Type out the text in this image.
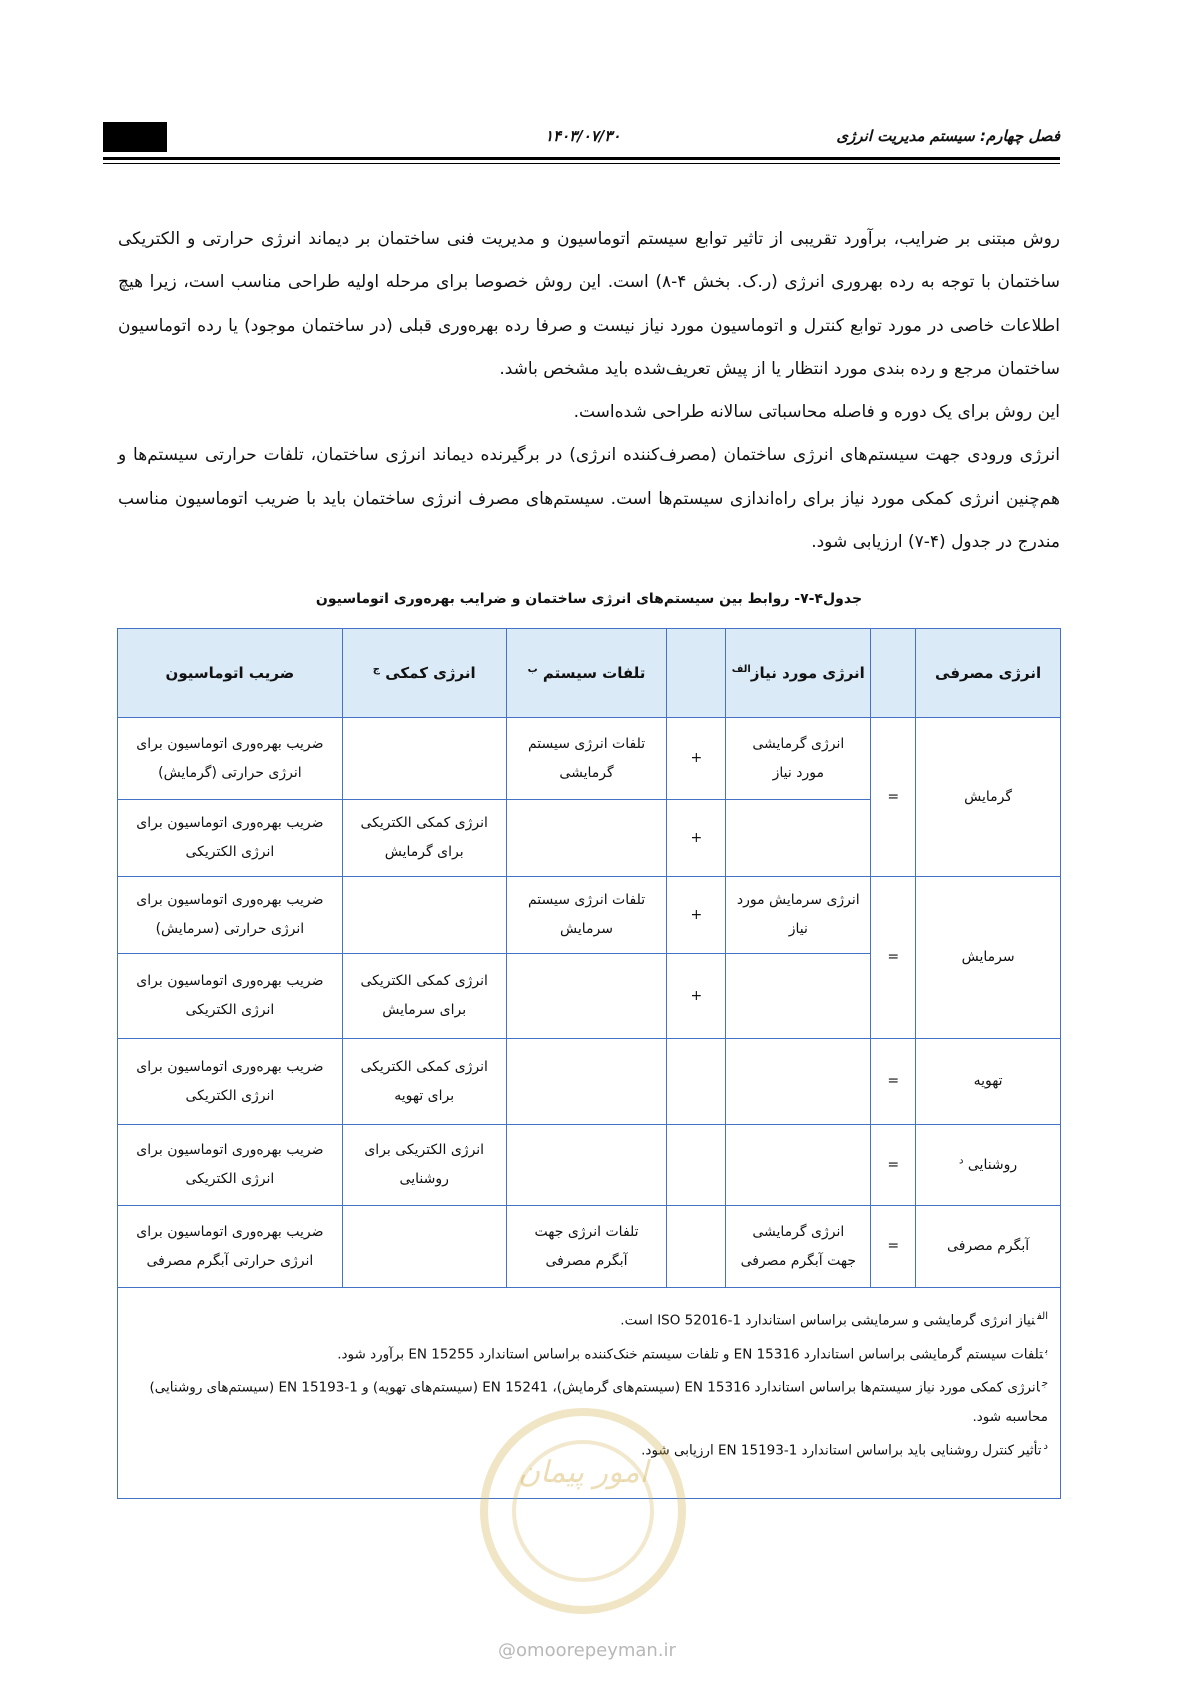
۱۴۰۳/۰۷/۳۰	فصل چهارم: سیستم مدیریت انرژی

روش مبتنی بر ضرایب، برآورد تقریبی از تاثیر توابع سیستم اتوماسیون و مدیریت فنی ساختمان بر دیماند انرژی حرارتی و الکتریکی ساختمان با توجه به رده بهروری انرژی (ر.ک. بخش ۴-۸) است. این روش خصوصا برای مرحله اولیه طراحی مناسب است، زیرا هیچ اطلاعات خاصی در مورد توابع کنترل و اتوماسیون مورد نیاز نیست و صرفا رده بهره‌وری قبلی (در ساختمان موجود) یا رده اتوماسیون ساختمان مرجع و رده بندی مورد انتظار یا از پیش تعریف‌شده باید مشخص باشد.

این روش برای یک دوره و فاصله محاسباتی سالانه طراحی شده‌است.

انرژی ورودی جهت سیستم‌های انرژی ساختمان (مصرف‌کننده انرژی) در برگیرنده دیماند انرژی ساختمان، تلفات حرارتی سیستم‌ها و هم‌چنین انرژی کمکی مورد نیاز برای راه‌اندازی سیستم‌ها است. سیستم‌های مصرف انرژی ساختمان باید با ضریب اتوماسیون مناسب مندرج در جدول (۴-۷) ارزیابی شود.

جدول۴-۷- روابط بین سیستم‌های انرژی ساختمان و ضرایب بهره‌وری اتوماسیون
انرژی مصرفی		انرژی مورد نیاز$^{الف}$		تلفات سیستم $^ب$	انرژی کمکی $^ج$	ضریب اتوماسیون
گرمایش	=	انرژی گرمایشی مورد نیاز	+	تلفات انرژی سیستم گرمایشی		ضریب بهره‌وری اتوماسیون برای انرژی حرارتی (گرمایش)
			+		انرژی کمکی الکتریکی برای گرمایش	ضریب بهره‌وری اتوماسیون برای انرژی الکتریکی
سرمایش	=	انرژی سرمایش مورد نیاز	+	تلفات انرژی سیستم سرمایش		ضریب بهره‌وری اتوماسیون برای انرژی حرارتی (سرمایش)
			+		انرژی کمکی الکتریکی برای سرمایش	ضریب بهره‌وری اتوماسیون برای انرژی الکتریکی
تهویه	=				انرژی کمکی الکتریکی برای تهویه	ضریب بهره‌وری اتوماسیون برای انرژی الکتریکی
روشنایی $^د$	=				انرژی الکتریکی برای روشنایی	ضریب بهره‌وری اتوماسیون برای انرژی الکتریکی
آبگرم مصرفی	=	انرژی گرمایشی جهت آبگرم مصرفی		تلفات انرژی جهت آبگرم مصرفی		ضریب بهره‌وری اتوماسیون برای انرژی حرارتی آبگرم مصرفی

$^{الف}$نیاز انرژی گرمایشی و سرمایشی براساس استاندارد ISO 52016-1 است.
$^ب$تلفات سیستم گرمایشی براساس استاندارد EN 15316 و تلفات سیستم خنک‌کننده براساس استاندارد EN 15255 برآورد شود.
$^ج$انرژی کمکی مورد نیاز سیستم‌ها براساس استاندارد EN 15316 (سیستم‌های گرمایش)، EN 15241 (سیستم‌های تهویه) و EN 15193-1 (سیستم‌های روشنایی) محاسبه شود.
$^د$تأثیر کنترل روشنایی باید براساس استاندارد EN 15193-1 ارزیابی شود.						
امور پیمان
@omoorepeyman.ir
